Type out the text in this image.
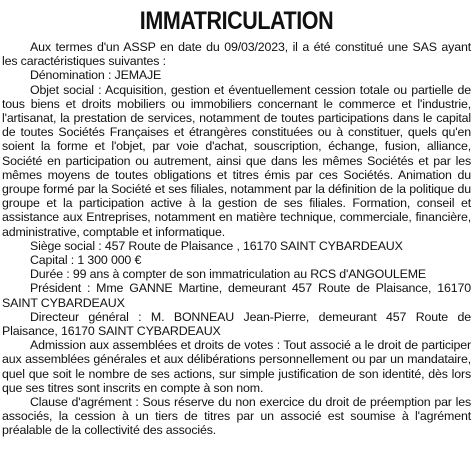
IMMATRICULATION

Aux termes d'un ASSP en date du 09/03/2023, il a été constitué une SAS ayant les caractéristiques suivantes :

Dénomination : JEMAJE

Objet social : Acquisition, gestion et éventuellement cession totale ou partielle de tous biens et droits mobiliers ou immobiliers concernant le commerce et l'industrie, l'artisanat, la prestation de services, notamment de toutes participations dans le capital de toutes Sociétés Françaises et étrangères constituées ou à constituer, quels qu'en soient la forme et l'objet, par voie d'achat, souscription, échange, fusion, alliance, Société en participation ou autrement, ainsi que dans les mêmes Sociétés et par les mêmes moyens de toutes obligations et titres émis par ces Sociétés. Animation du groupe formé par la Société et ses filiales, notamment par la définition de la politique du groupe et la participation active à la gestion de ses filiales. Formation, conseil et assistance aux Entreprises, notamment en matière technique, commerciale, financière, administrative, comptable et informatique.

Siège social : 457 Route de Plaisance , 16170 SAINT CYBARDEAUX

Capital : 1 300 000 €

Durée : 99 ans à compter de son immatriculation au RCS d'ANGOULEME

Président : Mme GANNE Martine, demeurant 457 Route de Plaisance, 16170 SAINT CYBARDEAUX

Directeur général : M. BONNEAU Jean-Pierre, demeurant 457 Route de Plaisance, 16170 SAINT CYBARDEAUX

Admission aux assemblées et droits de votes : Tout associé a le droit de participer aux assemblées générales et aux délibérations personnellement ou par un mandataire, quel que soit le nombre de ses actions, sur simple justification de son identité, dès lors que ses titres sont inscrits en compte à son nom.

Clause d'agrément : Sous réserve du non exercice du droit de préemption par les associés, la cession à un tiers de titres par un associé est soumise à l'agrément préalable de la collectivité des associés.
